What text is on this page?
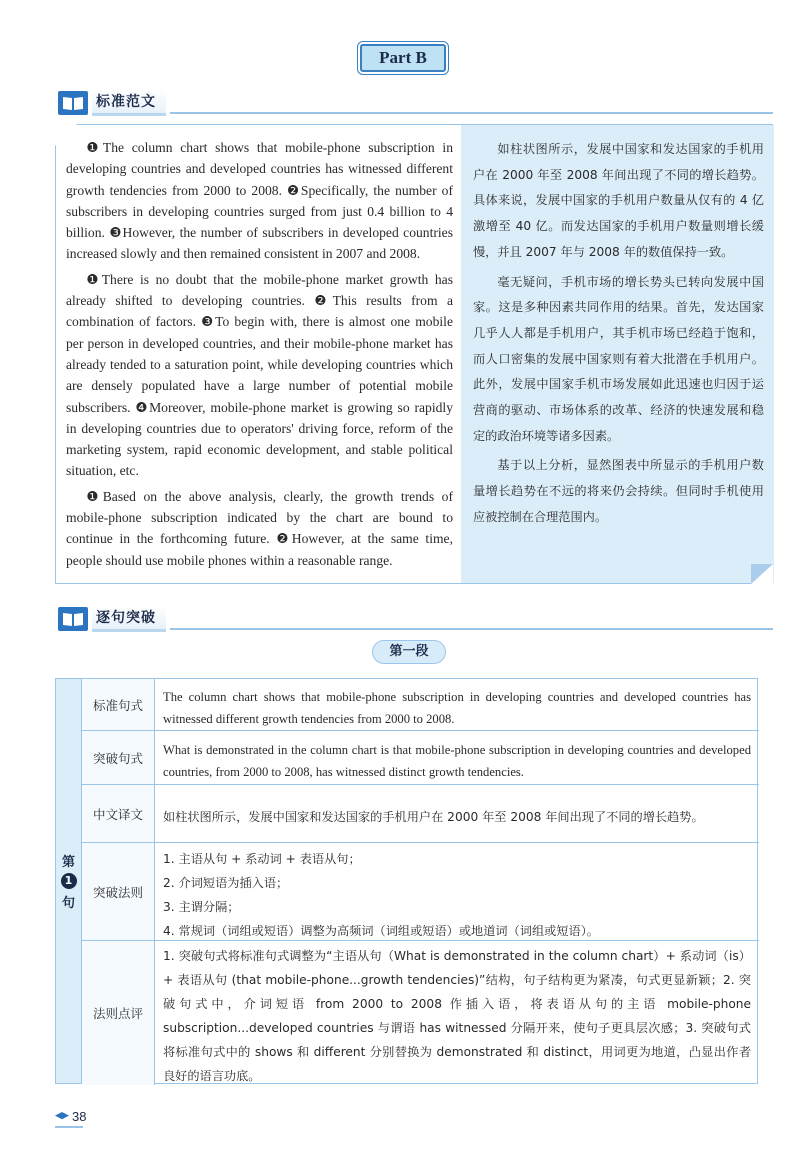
Part B
标准范文

❶The column chart shows that mobile-phone subscription in developing countries and developed countries has witnessed different growth tendencies from 2000 to 2008. ❷Specifically, the number of subscribers in developing countries surged from just 0.4 billion to 4 billion. ❸However, the number of subscribers in developed countries increased slowly and then remained consistent in 2007 and 2008.

❶There is no doubt that the mobile-phone market growth has already shifted to developing countries. ❷This results from a combination of factors. ❸To begin with, there is almost one mobile per person in developed countries, and their mobile-phone market has already tended to a saturation point, while developing countries which are densely populated have a large number of potential mobile subscribers. ❹Moreover, mobile-phone market is growing so rapidly in developing countries due to operators' driving force, reform of the marketing system, rapid economic development, and stable political situation, etc.

❶Based on the above analysis, clearly, the growth trends of mobile-phone subscription indicated by the chart are bound to continue in the forthcoming future. ❷However, at the same time, people should use mobile phones within a reasonable range.

如柱状图所示，发展中国家和发达国家的手机用户在 2000 年至 2008 年间出现了不同的增长趋势。具体来说，发展中国家的手机用户数量从仅有的 4 亿激增至 40 亿。而发达国家的手机用户数量则增长缓慢，并且 2007 年与 2008 年的数值保持一致。

毫无疑问，手机市场的增长势头已转向发展中国家。这是多种因素共同作用的结果。首先，发达国家几乎人人都是手机用户，其手机市场已经趋于饱和，而人口密集的发展中国家则有着大批潜在手机用户。此外，发展中国家手机市场发展如此迅速也归因于运营商的驱动、市场体系的改革、经济的快速发展和稳定的政治环境等诸多因素。

基于以上分析，显然图表中所显示的手机用户数量增长趋势在不远的将来仍会持续。但同时手机使用应被控制在合理范围内。

逐句突破
第一段
第
1
句
标准句式
The column chart shows that mobile-phone subscription in developing countries and developed countries has witnessed different growth tendencies from 2000 to 2008.
突破句式
What is demonstrated in the column chart is that mobile-phone subscription in developing countries and developed countries, from 2000 to 2008, has witnessed distinct growth tendencies.
中文译文	如柱状图所示，发展中国家和发达国家的手机用户在 2000 年至 2008 年间出现了不同的增长趋势。
突破法则
1. 主语从句 + 系动词 + 表语从句；
2. 介词短语为插入语；
3. 主谓分隔；
4. 常规词（词组或短语）调整为高频词（词组或短语）或地道词（词组或短语）。
法则点评
1. 突破句式将标准句式调整为“主语从句（What is demonstrated in the column chart）+ 系动词（is）+ 表语从句 (that mobile-phone...growth tendencies)”结构，句子结构更为紧凑，句式更显新颖；2. 突破句式中，介词短语 from 2000 to 2008 作插入语，将表语从句的主语 mobile-phone subscription...developed countries 与谓语 has witnessed 分隔开来，使句子更具层次感；3. 突破句式将标准句式中的 shows 和 different 分别替换为 demonstrated 和 distinct，用词更为地道，凸显出作者良好的语言功底。
38
